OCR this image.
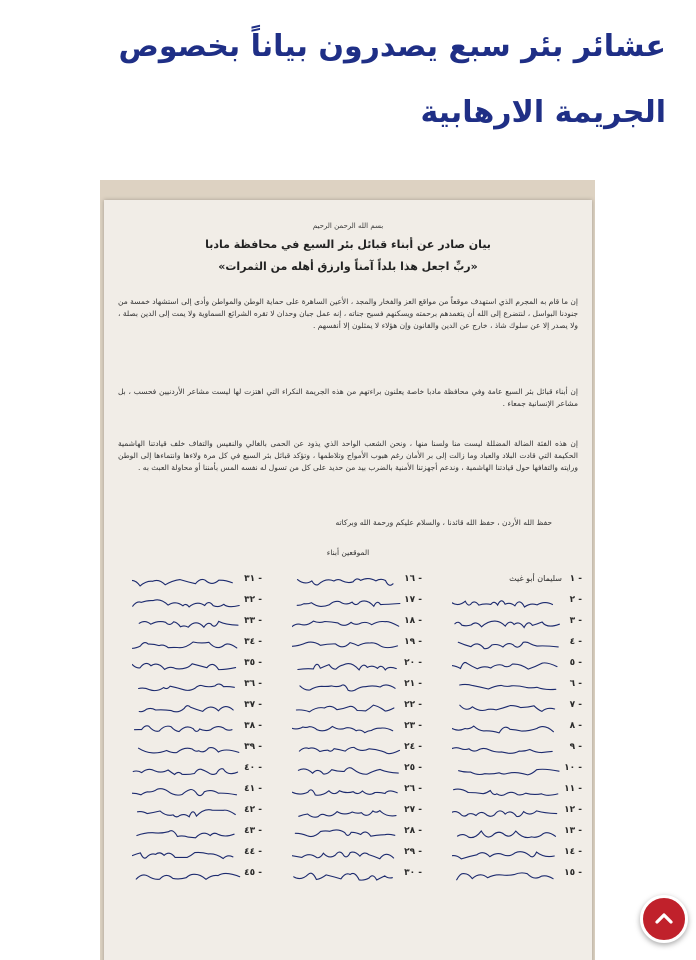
عشائر بئر سبع يصدرون بياناً بخصوص الجريمة الارهابية
بسم الله الرحمن الرحيم
بيان صادر عن أبناء قبائل بئر السبع في محافظة مادبا
«ربِّ اجعل هذا بلداً آمناً وارزق أهله من الثمرات»
إن ما قام به المجرم الذي استهدف موقعاً من مواقع العز والفخار والمجد ، الأعين الساهرة على حماية الوطن والمواطن وأدى إلى استشهاد خمسة من جنودنا البواسل ، لنتضرع إلى الله أن يتغمدهم برحمته ويسكنهم فسيح جناته ، إنه عمل جبان وحدان لا تقره الشرائع السماوية ولا يمت إلى الدين بصلة ، ولا يصدر إلا عن سلوك شاذ ، خارج عن الدين والقانون وإن هؤلاء لا يمثلون إلا أنفسهم .
إن أبناء قبائل بئر السبع عامة وفي محافظة مادبا خاصة يعلنون براءتهم من هذه الجريمة النكراء التي اهتزت لها ليست مشاعر الأردنيين فحسب ، بل مشاعر الإنسانية جمعاء .
إن هذه الفئة الضالة المضللة ليست منا ولسنا منها ، ونحن الشعب الواحد الذي يذود عن الحمى بالغالي والنفيس والتفاف خلف قيادتنا الهاشمية الحكيمة التي قادت البلاد والعباد وما زالت إلى بر الأمان رغم هبوب الأمواج وتلاطمها ، وتؤكد قبائل بئر السبع في كل مرة ولاءها وانتماءها إلى الوطن ورايته والتفافها حول قيادتنا الهاشمية ، وندعم أجهزتنا الأمنية بالضرب بيد من حديد على كل من تسول له نفسه المس بأمننا أو محاولة العبث به .
حفظ الله الأردن ، حفظ الله قائدنا ، والسلام عليكم ورحمة الله وبركاته
الموقعين أبناء
١ -
سليمان أبو غيث
٢ -
٣ -
٤ -
٥ -
٦ -
٧ -
٨ -
٩ -
١٠ -
١١ -
١٢ -
١٣ -
١٤ -
١٥ -
١٦ -
١٧ -
١٨ -
١٩ -
٢٠ -
٢١ -
٢٢ -
٢٣ -
٢٤ -
٢٥ -
٢٦ -
٢٧ -
٢٨ -
٢٩ -
٣٠ -
٣١ -
٣٢ -
٣٣ -
٣٤ -
٣٥ -
٣٦ -
٣٧ -
٣٨ -
٣٩ -
٤٠ -
٤١ -
٤٢ -
٤٣ -
٤٤ -
٤٥ -
